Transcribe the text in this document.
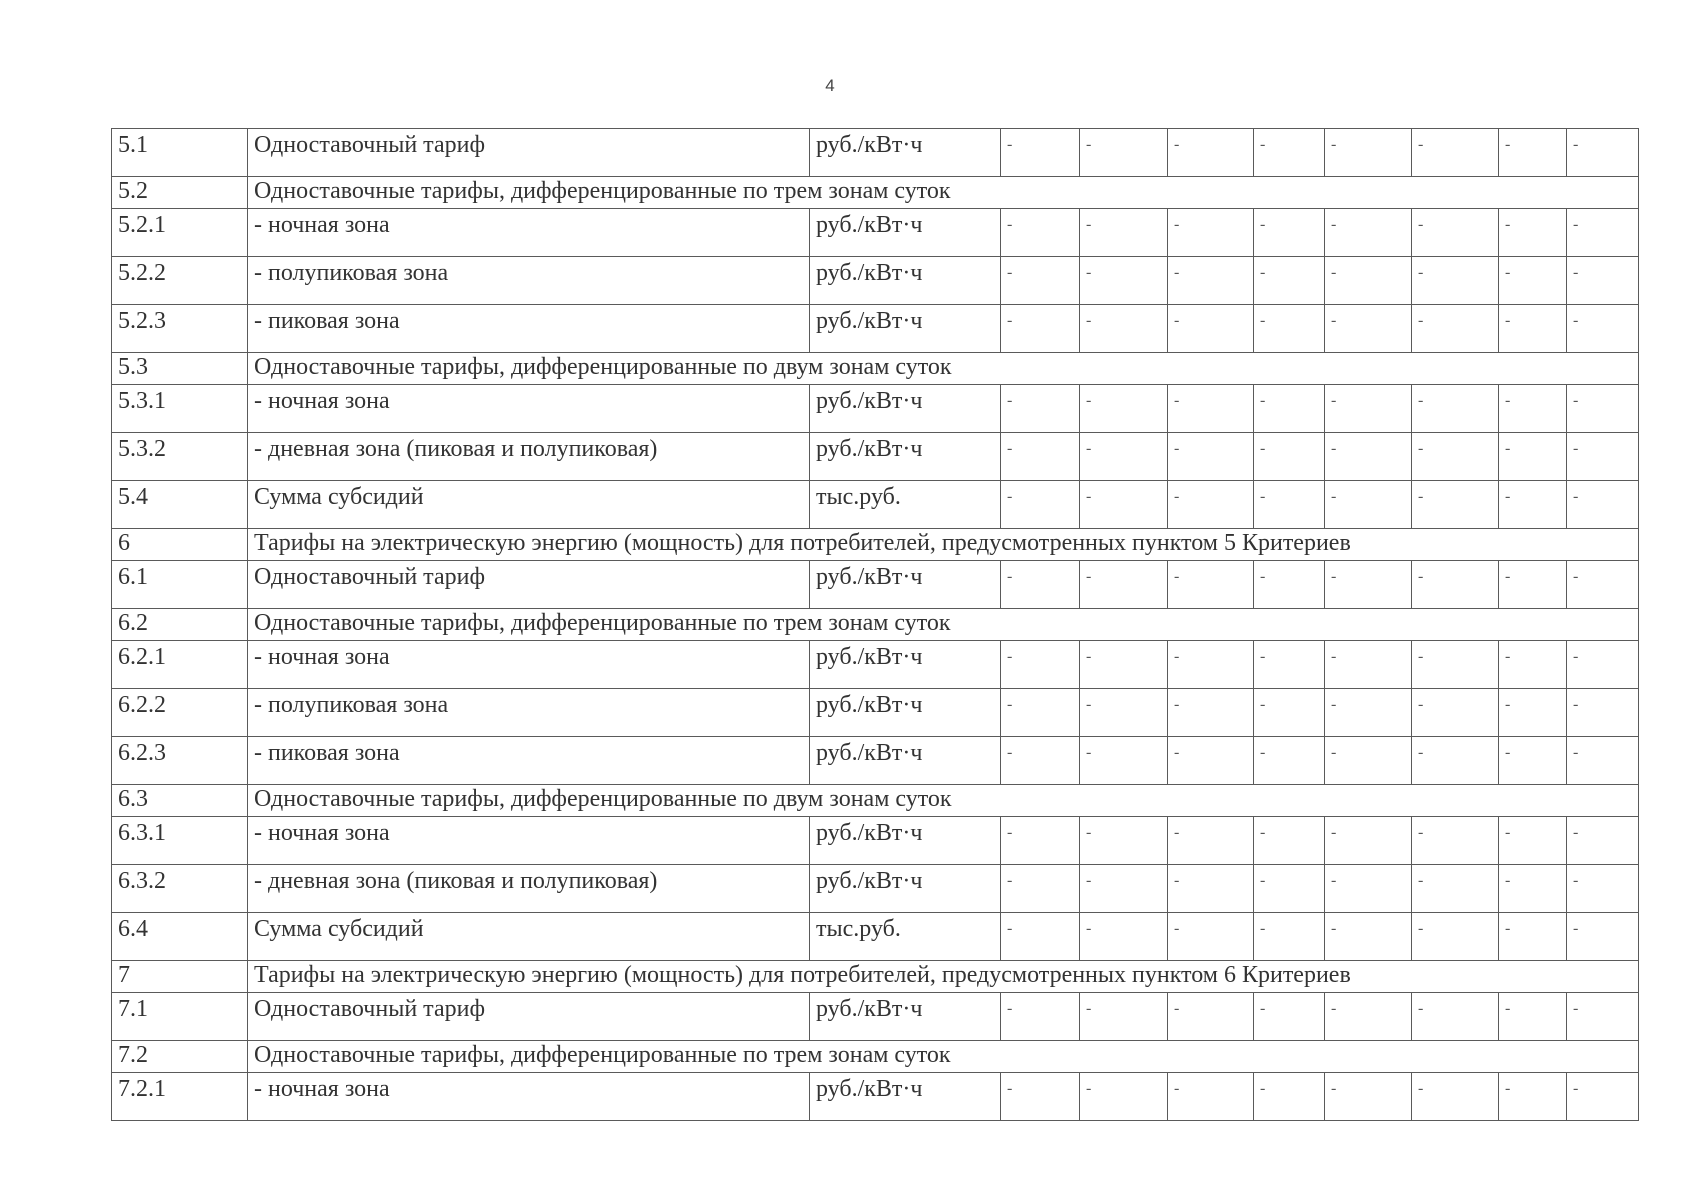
4
5.1	Одноставочный тариф	руб./кВт·ч	-	-	-	-	-	-	-	-
5.2	Одноставочные тарифы, дифференцированные по трем зонам суток									
5.2.1	- ночная зона	руб./кВт·ч	-	-	-	-	-	-	-	-
5.2.2	- полупиковая зона	руб./кВт·ч	-	-	-	-	-	-	-	-
5.2.3	- пиковая зона	руб./кВт·ч	-	-	-	-	-	-	-	-
5.3	Одноставочные тарифы, дифференцированные по двум зонам суток									
5.3.1	- ночная зона	руб./кВт·ч	-	-	-	-	-	-	-	-
5.3.2	- дневная зона (пиковая и полупиковая)	руб./кВт·ч	-	-	-	-	-	-	-	-
5.4	Сумма субсидий	тыс.руб.	-	-	-	-	-	-	-	-
6	Тарифы на электрическую энергию (мощность) для потребителей, предусмотренных пунктом 5 Критериев									
6.1	Одноставочный тариф	руб./кВт·ч	-	-	-	-	-	-	-	-
6.2	Одноставочные тарифы, дифференцированные по трем зонам суток									
6.2.1	- ночная зона	руб./кВт·ч	-	-	-	-	-	-	-	-
6.2.2	- полупиковая зона	руб./кВт·ч	-	-	-	-	-	-	-	-
6.2.3	- пиковая зона	руб./кВт·ч	-	-	-	-	-	-	-	-
6.3	Одноставочные тарифы, дифференцированные по двум зонам суток									
6.3.1	- ночная зона	руб./кВт·ч	-	-	-	-	-	-	-	-
6.3.2	- дневная зона (пиковая и полупиковая)	руб./кВт·ч	-	-	-	-	-	-	-	-
6.4	Сумма субсидий	тыс.руб.	-	-	-	-	-	-	-	-
7	Тарифы на электрическую энергию (мощность) для потребителей, предусмотренных пунктом 6 Критериев									
7.1	Одноставочный тариф	руб./кВт·ч	-	-	-	-	-	-	-	-
7.2	Одноставочные тарифы, дифференцированные по трем зонам суток									
7.2.1	- ночная зона	руб./кВт·ч	-	-	-	-	-	-	-	-
